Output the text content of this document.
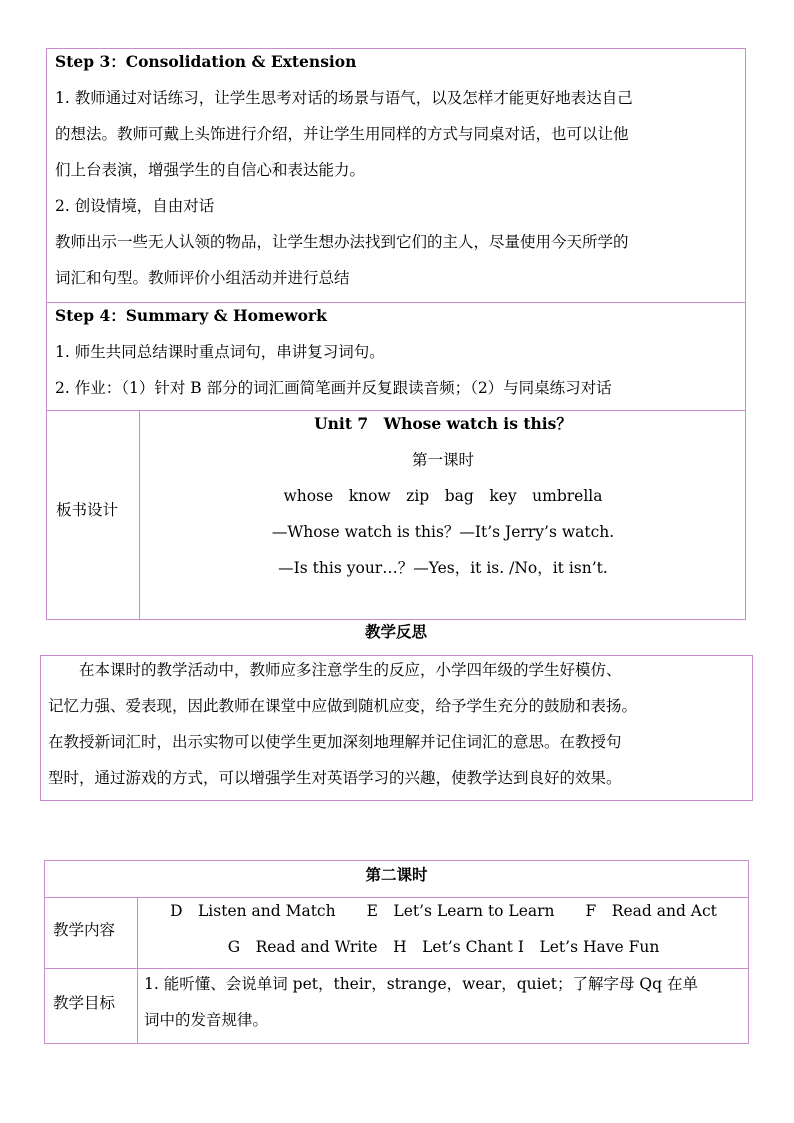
Step 3：Consolidation & Extension
1. 教师通过对话练习，让学生思考对话的场景与语气，以及怎样才能更好地表达自己
的想法。教师可戴上头饰进行介绍，并让学生用同样的方式与同桌对话，也可以让他
们上台表演，增强学生的自信心和表达能力。
2. 创设情境，自由对话
教师出示一些无人认领的物品，让学生想办法找到它们的主人，尽量使用今天所学的
词汇和句型。教师评价小组活动并进行总结
Step 4：Summary & Homework
1. 师生共同总结课时重点词句，串讲复习词句。
2. 作业：（1）针对 B 部分的词汇画简笔画并反复跟读音频；（2）与同桌练习对话
板书设计
Unit 7　Whose watch is this？
第一课时
whose　know　zip　bag　key　umbrella
—Whose watch is this？—It’s Jerry’s watch.
—Is this your…？—Yes，it is. /No，it isn’t.
教学反思
　　在本课时的教学活动中，教师应多注意学生的反应，小学四年级的学生好模仿、
记忆力强、爱表现，因此教师在课堂中应做到随机应变，给予学生充分的鼓励和表扬。
在教授新词汇时，出示实物可以使学生更加深刻地理解并记住词汇的意思。在教授句
型时，通过游戏的方式，可以增强学生对英语学习的兴趣，使教学达到良好的效果。
第二课时
教学内容
D　Listen and Match　　E　Let’s Learn to Learn　　F　Read and Act
G　Read and Write　H　Let’s Chant I　Let’s Have Fun
教学目标
1. 能听懂、会说单词 pet，their，strange，wear，quiet；了解字母 Qq 在单
词中的发音规律。
